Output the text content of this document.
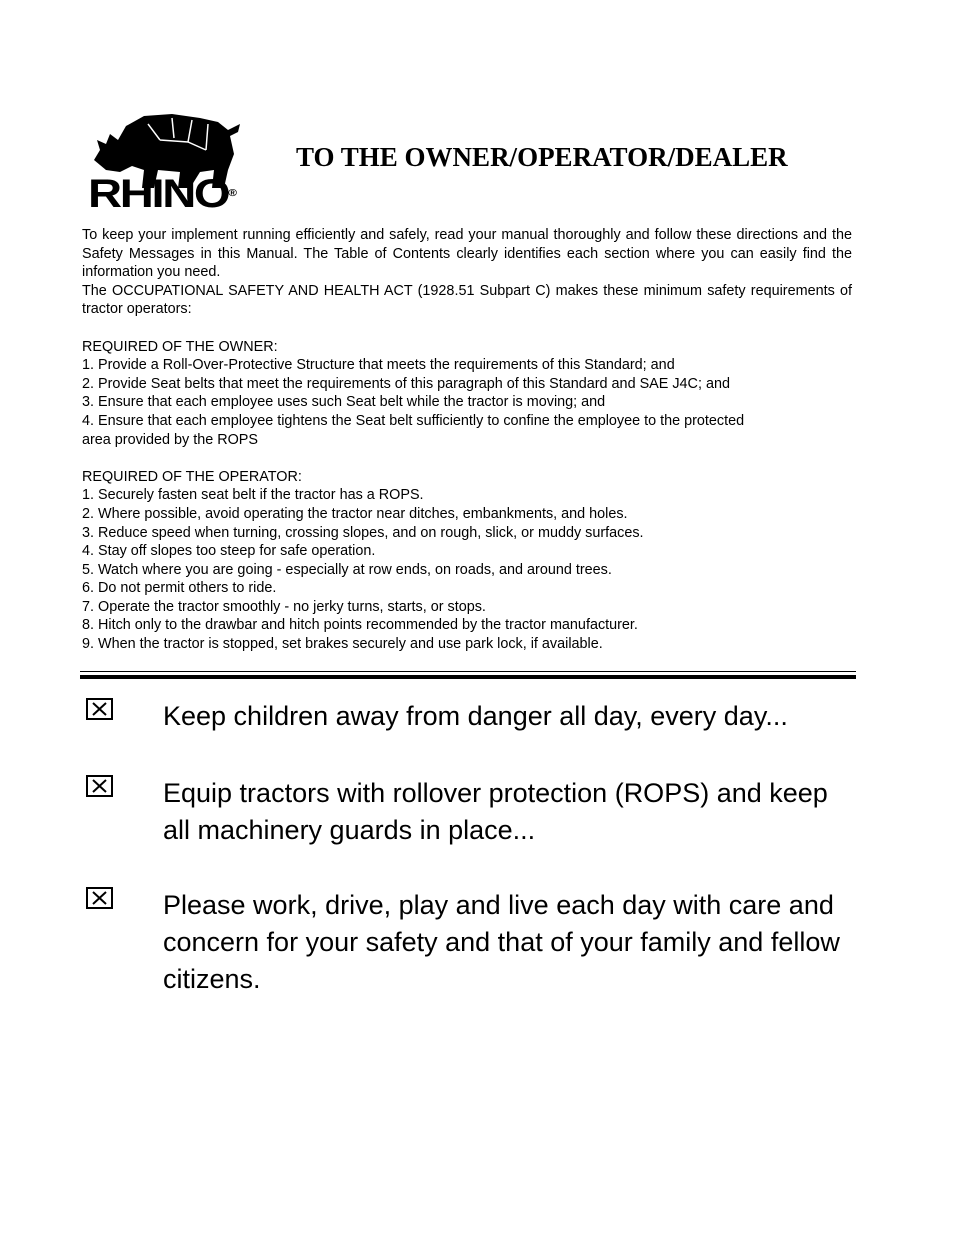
RHINO®
TO THE OWNER/OPERATOR/DEALER

To keep your implement running efficiently and safely, read your manual thoroughly and follow these directions and the Safety Messages in this Manual. The Table of Contents clearly identifies each section where you can easily find the information you need.

The OCCUPATIONAL SAFETY AND HEALTH ACT (1928.51 Subpart C) makes these minimum safety requirements of tractor operators:

REQUIRED OF THE OWNER:

1. Provide a Roll-Over-Protective Structure that meets the requirements of this Standard; and

2. Provide Seat belts that meet the requirements of this paragraph of this Standard and SAE J4C; and

3. Ensure that each employee uses such Seat belt while the tractor is moving; and

4. Ensure that each employee tightens the Seat belt sufficiently to confine the employee to the protected

area provided by the ROPS

REQUIRED OF THE OPERATOR:

1. Securely fasten seat belt if the tractor has a ROPS.

2. Where possible, avoid operating the tractor near ditches, embankments, and holes.

3. Reduce speed when turning, crossing slopes, and on rough, slick, or muddy surfaces.

4. Stay off slopes too steep for safe operation.

5. Watch where you are going - especially at row ends, on roads, and around trees.

6. Do not permit others to ride.

7. Operate the tractor smoothly - no jerky turns, starts, or stops.

8. Hitch only to the drawbar and hitch points recommended by the tractor manufacturer.

9. When the tractor is stopped, set brakes securely and use park lock, if available.

Keep children away from danger all day, every day...

Equip tractors with rollover protection (ROPS) and keep all machinery guards in place...

Please work, drive, play and live each day with care and concern for your safety and that of your family and fellow citizens.
